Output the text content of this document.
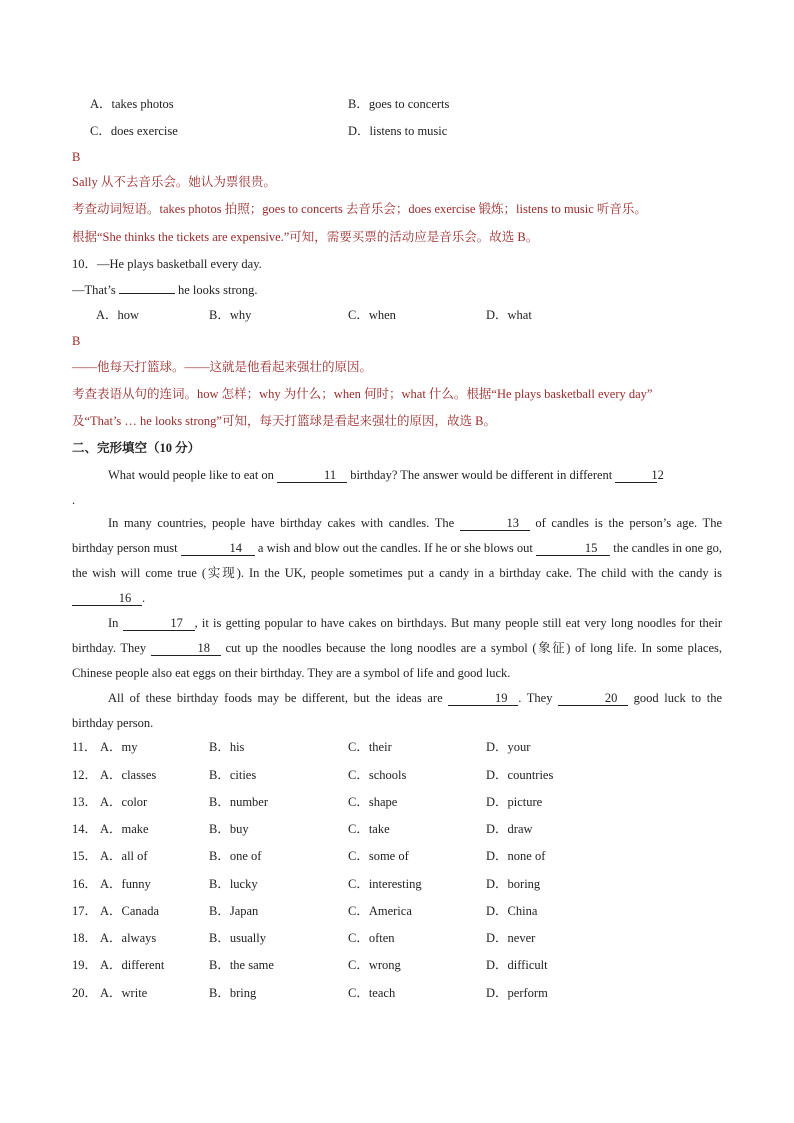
A．takes photos	B．goes to concerts
C．does exercise	D．listens to music
B
Sally 从不去音乐会。她认为票很贵。
考查动词短语。takes photos 拍照；goes to concerts 去音乐会；does exercise 锻炼；listens to music 听音乐。
根据“She thinks the tickets are expensive.”可知，需要买票的活动应是音乐会。故选 B。
10．—He plays basketball every day.
—That’s	he looks strong.
A．how	B．why	C．when	D．what
B
——他每天打篮球。——这就是他看起来强壮的原因。
考查表语从句的连词。how 怎样；why 为什么；when 何时；what 什么。根据“He plays basketball every day”
及“That’s … he looks strong”可知，每天打篮球是看起来强壮的原因，故选 B。
二、完形填空（10 分）
What would people like to eat on	11 birthday? The answer would be different in different	12
.
In many countries, people have birthday cakes with candles. The	13 of candles is the person’s age. The birthday person must	14 a wish and blow out the candles. If he or she blows out	15 the candles in one go, the wish will come true (实现). In the UK, people sometimes put a candy in a birthday cake. The child with the candy is 16 .
In	17 , it is getting popular to have cakes on birthdays. But many people still eat very long noodles for their birthday. They	18 cut up the noodles because the long noodles are a symbol (象征) of long life. In some places, Chinese people also eat eggs on their birthday. They are a symbol of life and good luck.
All of these birthday foods may be different, but the ideas are	19 . They	20 good luck to the birthday person.
11． A．my	B．his	C．their	D．your
12． A．classes	B．cities	C．schools	D．countries
13． A．color	B．number	C．shape	D．picture
14． A．make	B．buy	C．take	D．draw
15． A．all of	B．one of	C．some of	D．none of
16． A．funny	B．lucky	C．interesting	D．boring
17． A．Canada	B．Japan	C．America	D．China
18． A．always	B．usually	C．often	D．never
19． A．different	B．the same	C．wrong	D．difficult
20． A．write	B．bring	C．teach	D．perform
